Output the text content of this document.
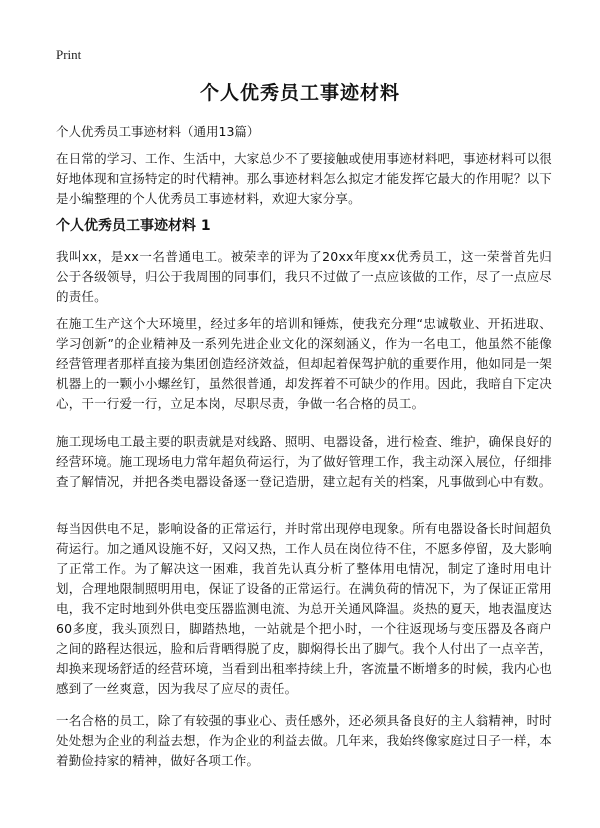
Print
个人优秀员工事迹材料

个人优秀员工事迹材料（通用13篇）

在日常的学习、工作、生活中，大家总少不了要接触或使用事迹材料吧，事迹材料可以很好地体现和宣扬特定的时代精神。那么事迹材料怎么拟定才能发挥它最大的作用呢？以下是小编整理的个人优秀员工事迹材料，欢迎大家分享。

个人优秀员工事迹材料 1

我叫xx，是xx一名普通电工。被荣幸的评为了20xx年度xx优秀员工，这一荣誉首先归公于各级领导，归公于我周围的同事们，我只不过做了一点应该做的工作，尽了一点应尽的责任。

在施工生产这个大环境里，经过多年的培训和锤炼，使我充分理“忠诚敬业、开拓进取、学习创新”的企业精神及一系列先进企业文化的深刻涵义，作为一名电工，他虽然不能像经营管理者那样直接为集团创造经济效益，但却起着保驾护航的重要作用，他如同是一架机器上的一颗小小螺丝钉，虽然很普通，却发挥着不可缺少的作用。因此，我暗自下定决心，干一行爱一行，立足本岗，尽职尽责，争做一名合格的员工。

施工现场电工最主要的职责就是对线路、照明、电器设备，进行检查、维护，确保良好的经营环境。施工现场电力常年超负荷运行，为了做好管理工作，我主动深入展位，仔细排查了解情况，并把各类电器设备逐一登记造册，建立起有关的档案，凡事做到心中有数。

每当因供电不足，影响设备的正常运行，并时常出现停电现象。所有电器设备长时间超负荷运行。加之通风设施不好，又闷又热，工作人员在岗位待不住，不愿多停留，及大影响了正常工作。为了解决这一困难，我首先认真分析了整体用电情况，制定了逢时用电计划，合理地限制照明用电，保证了设备的正常运行。在满负荷的情况下，为了保证正常用电，我不定时地到外供电变压器监测电流、为总开关通风降温。炎热的夏天，地表温度达60多度，我头顶烈日，脚踏热地，一站就是个把小时，一个往返现场与变压器及各商户之间的路程达很远，脸和后背晒得脱了皮，脚焖得长出了脚气。我个人付出了一点辛苦，却换来现场舒适的经营环境，当看到出租率持续上升，客流量不断增多的时候，我内心也感到了一丝爽意，因为我尽了应尽的责任。

一名合格的员工，除了有较强的事业心、责任感外，还必须具备良好的主人翁精神，时时处处想为企业的利益去想，作为企业的利益去做。几年来，我始终像家庭过日子一样，本着勤俭持家的精神，做好各项工作。
